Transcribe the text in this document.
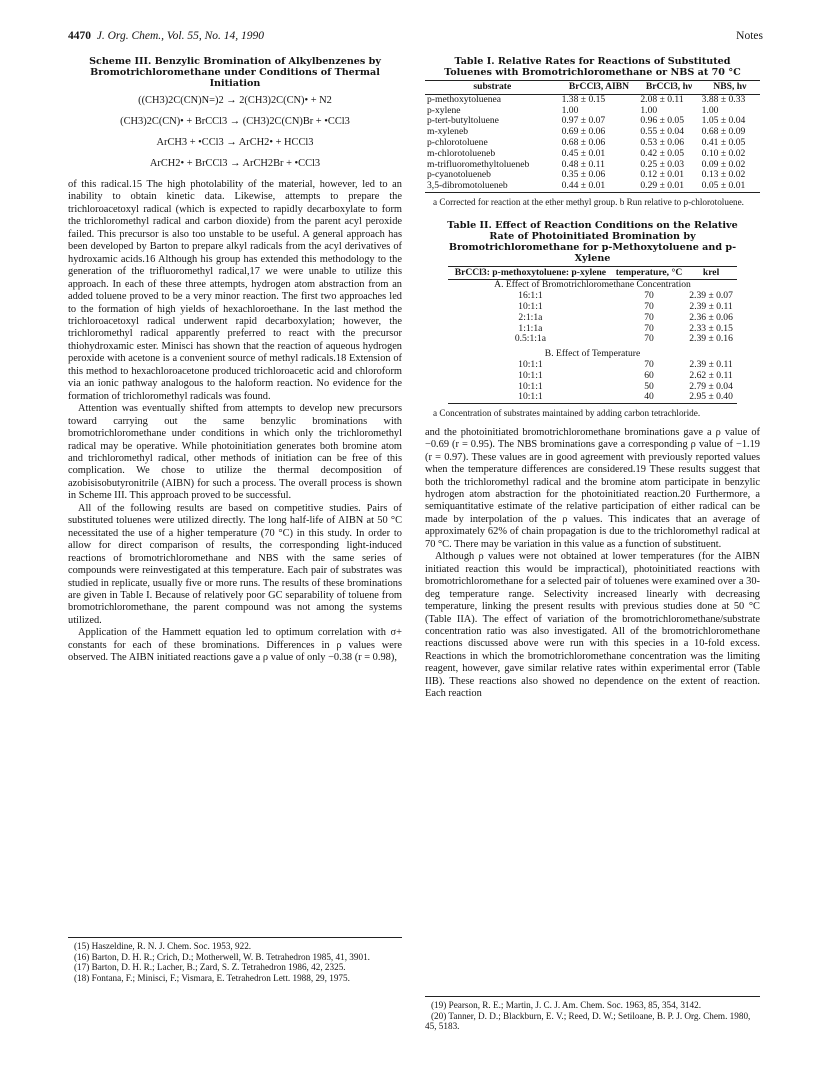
4470 J. Org. Chem., Vol. 55, No. 14, 1990	Notes
Scheme III. Benzylic Bromination of Alkylbenzenes by Bromotrichloromethane under Conditions of Thermal Initiation
((CH3)2C(CN)N=)2 → 2(CH3)2C(CN)• + N2
(CH3)2C(CN)• + BrCCl3 → (CH3)2C(CN)Br + •CCl3
ArCH3 + •CCl3 → ArCH2• + HCCl3
ArCH2• + BrCCl3 → ArCH2Br + •CCl3

of this radical.15 The high photolability of the material, however, led to an inability to obtain kinetic data. Likewise, attempts to prepare the trichloroacetoxyl radical (which is expected to rapidly decarboxylate to form the trichloromethyl radical and carbon dioxide) from the parent acyl peroxide failed. This precursor is also too unstable to be useful. A general approach has been developed by Barton to prepare alkyl radicals from the acyl derivatives of hydroxamic acids.16 Although his group has extended this methodology to the generation of the trifluoromethyl radical,17 we were unable to utilize this approach. In each of these three attempts, hydrogen atom abstraction from an added toluene proved to be a very minor reaction. The first two approaches led to the formation of high yields of hexachloroethane. In the last method the trichloroacetoxyl radical underwent rapid decarboxylation; however, the trichloromethyl radical apparently preferred to react with the precursor thiohydroxamic ester. Minisci has shown that the reaction of aqueous hydrogen peroxide with acetone is a convenient source of methyl radicals.18 Extension of this method to hexachloroacetone produced trichloroacetic acid and chloroform via an ionic pathway analogous to the haloform reaction. No evidence for the formation of trichloromethyl radicals was found.

Attention was eventually shifted from attempts to develop new precursors toward carrying out the same benzylic brominations with bromotrichloromethane under conditions in which only the trichloromethyl radical may be operative. While photoinitiation generates both bromine atom and trichloromethyl radical, other methods of initiation can be free of this complication. We chose to utilize the thermal decomposition of azobisisobutyronitrile (AIBN) for such a process. The overall process is shown in Scheme III. This approach proved to be successful.

All of the following results are based on competitive studies. Pairs of substituted toluenes were utilized directly. The long half-life of AIBN at 50 °C necessitated the use of a higher temperature (70 °C) in this study. In order to allow for direct comparison of results, the corresponding light-induced reactions of bromotrichloromethane and NBS with the same series of compounds were reinvestigated at this temperature. Each pair of substrates was studied in replicate, usually five or more runs. The results of these brominations are given in Table I. Because of relatively poor GC separability of toluene from bromotrichloromethane, the parent compound was not among the systems utilized.

Application of the Hammett equation led to optimum correlation with σ+ constants for each of these brominations. Differences in ρ values were observed. The AIBN initiated reactions gave a ρ value of only −0.38 (r = 0.98),

(15) Haszeldine, R. N. J. Chem. Soc. 1953, 922.

(16) Barton, D. H. R.; Crich, D.; Motherwell, W. B. Tetrahedron 1985, 41, 3901.

(17) Barton, D. H. R.; Lacher, B.; Zard, S. Z. Tetrahedron 1986, 42, 2325.

(18) Fontana, F.; Minisci, F.; Vismara, E. Tetrahedron Lett. 1988, 29, 1975.

Table I. Relative Rates for Reactions of Substituted Toluenes with Bromotrichloromethane or NBS at 70 °C

substrate	BrCCl3, AIBN	BrCCl3, hν	NBS, hν

p-methoxytoluenea	1.38 ± 0.15	2.08 ± 0.11	3.88 ± 0.33
p-xylene	1.00	1.00	1.00
p-tert-butyltoluene	0.97 ± 0.07	0.96 ± 0.05	1.05 ± 0.04
m-xyleneb	0.69 ± 0.06	0.55 ± 0.04	0.68 ± 0.09
p-chlorotoluene	0.68 ± 0.06	0.53 ± 0.06	0.41 ± 0.05
m-chlorotolueneb	0.45 ± 0.01	0.42 ± 0.05	0.10 ± 0.02
m-trifluoromethyltolueneb	0.48 ± 0.11	0.25 ± 0.03	0.09 ± 0.02
p-cyanotolueneb	0.35 ± 0.06	0.12 ± 0.01	0.13 ± 0.02
3,5-dibromotolueneb	0.44 ± 0.01	0.29 ± 0.01	0.05 ± 0.01

a Corrected for reaction at the ether methyl group. b Run relative to p-chlorotoluene.

Table II. Effect of Reaction Conditions on the Relative Rate of Photoinitiated Bromination by Bromotrichloromethane for p-Methoxytoluene and p-Xylene

BrCCl3: p-methoxytoluene: p-xylene	temperature, °C	krel

A. Effect of Bromotrichloromethane Concentration		
16:1:1	70	2.39 ± 0.07
10:1:1	70	2.39 ± 0.11
2:1:1a	70	2.36 ± 0.06
1:1:1a	70	2.33 ± 0.15
0.5:1:1a	70	2.39 ± 0.16
B. Effect of Temperature		
10:1:1	70	2.39 ± 0.11
10:1:1	60	2.62 ± 0.11
10:1:1	50	2.79 ± 0.04
10:1:1	40	2.95 ± 0.40

a Concentration of substrates maintained by adding carbon tetrachloride.

and the photoinitiated bromotrichloromethane brominations gave a ρ value of −0.69 (r = 0.95). The NBS brominations gave a corresponding ρ value of −1.19 (r = 0.97). These values are in good agreement with previously reported values when the temperature differences are considered.19 These results suggest that both the trichloromethyl radical and the bromine atom participate in benzylic hydrogen atom abstraction for the photoinitiated reaction.20 Furthermore, a semiquantitative estimate of the relative participation of either radical can be made by interpolation of the ρ values. This indicates that an average of approximately 62% of chain propagation is due to the trichloromethyl radical at 70 °C. There may be variation in this value as a function of substituent.

Although ρ values were not obtained at lower temperatures (for the AIBN initiated reaction this would be impractical), photoinitiated reactions with bromotrichloromethane for a selected pair of toluenes were examined over a 30-deg temperature range. Selectivity increased linearly with decreasing temperature, linking the present results with previous studies done at 50 °C (Table IIA). The effect of variation of the bromotrichloromethane/substrate concentration ratio was also investigated. All of the bromotrichloromethane reactions discussed above were run with this species in a 10-fold excess. Reactions in which the bromotrichloromethane concentration was the limiting reagent, however, gave similar relative rates within experimental error (Table IIB). These reactions also showed no dependence on the extent of reaction. Each reaction

(19) Pearson, R. E.; Martin, J. C. J. Am. Chem. Soc. 1963, 85, 354, 3142.

(20) Tanner, D. D.; Blackburn, E. V.; Reed, D. W.; Setiloane, B. P. J. Org. Chem. 1980, 45, 5183.
